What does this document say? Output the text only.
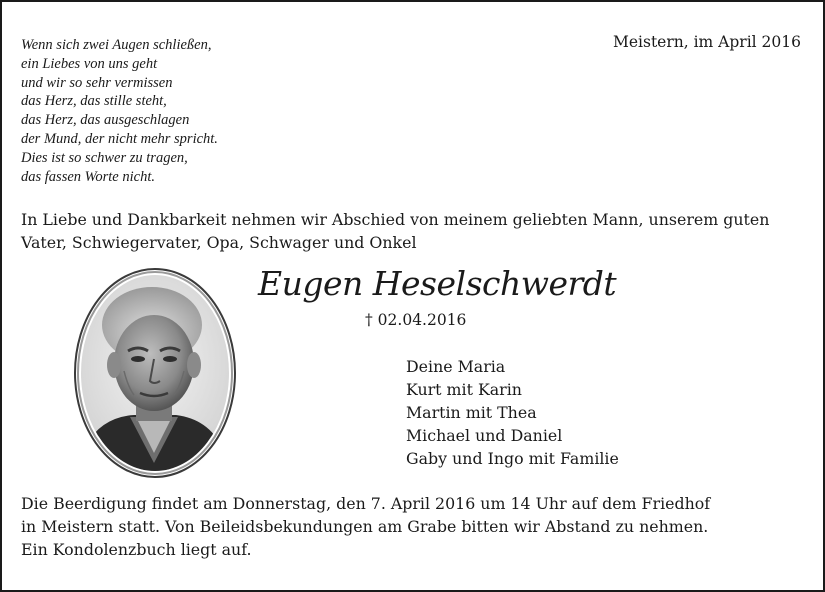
Wenn sich zwei Augen schließen,
ein Liebes von uns geht
und wir so sehr vermissen
das Herz, das stille steht,
das Herz, das ausgeschlagen
der Mund, der nicht mehr spricht.
Dies ist so schwer zu tragen,
das fassen Worte nicht.
Meistern, im April 2016
In Liebe und Dankbarkeit nehmen wir Abschied von meinem geliebten Mann, unserem guten Vater, Schwiegervater, Opa, Schwager und Onkel
Eugen Heselschwerdt
† 02.04.2016
Deine Maria
Kurt mit Karin
Martin mit Thea
Michael und Daniel
Gaby und Ingo mit Familie
Die Beerdigung findet am Donnerstag, den 7. April 2016 um 14 Uhr auf dem Friedhof
in Meistern statt. Von Beileidsbekundungen am Grabe bitten wir Abstand zu nehmen.
Ein Kondolenzbuch liegt auf.
